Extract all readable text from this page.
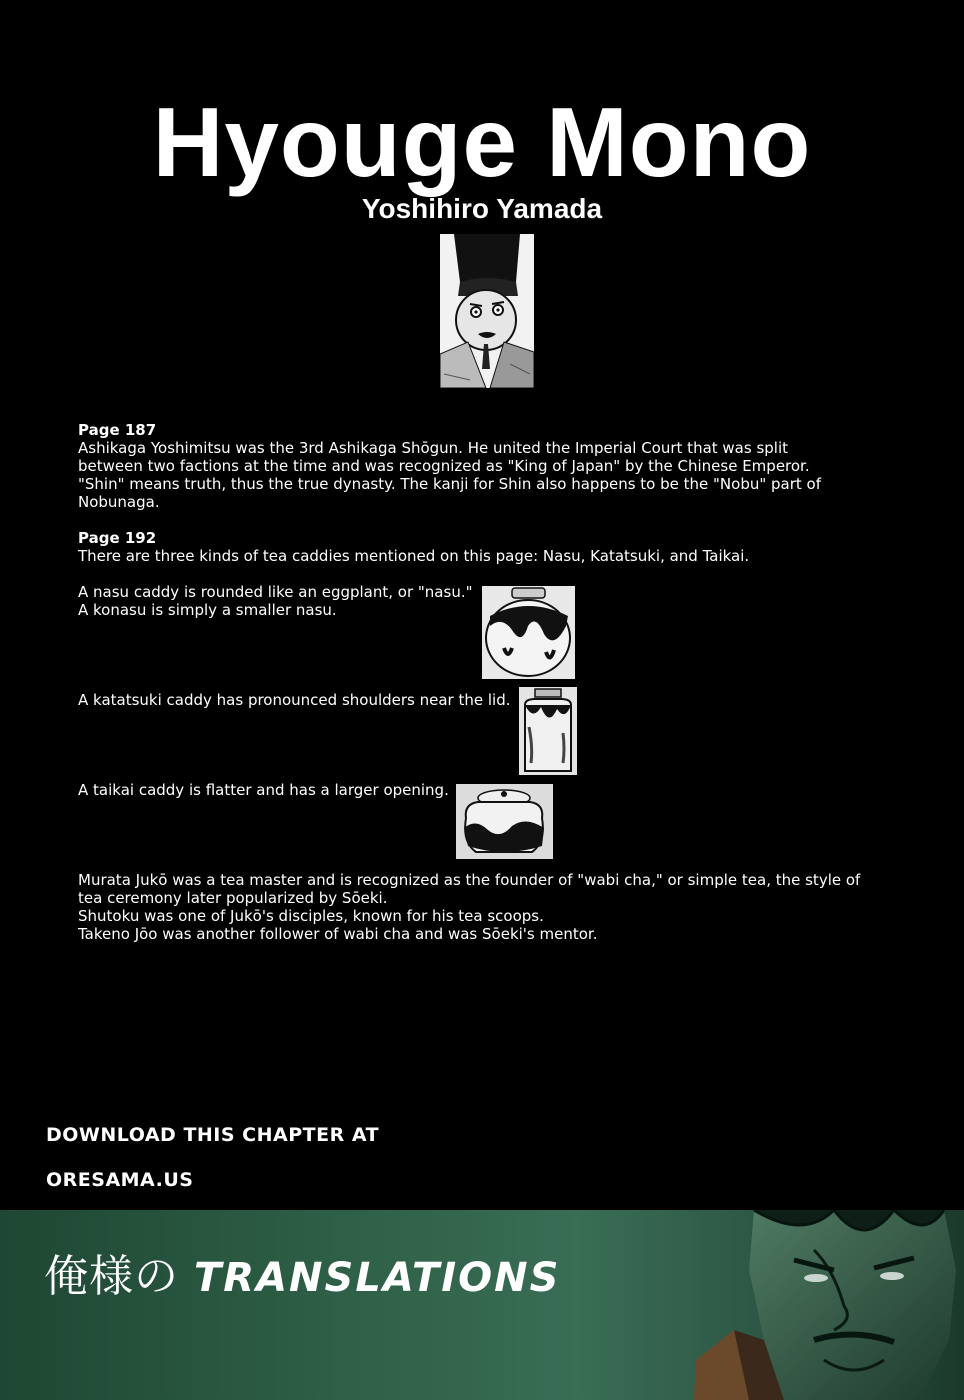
Hyouge Mono
Yoshihiro Yamada

Page 187

Ashikaga Yoshimitsu was the 3rd Ashikaga Shōgun. He united the Imperial Court that was split

between two factions at the time and was recognized as "King of Japan" by the Chinese Emperor.

"Shin" means truth, thus the true dynasty. The kanji for Shin also happens to be the "Nobu" part of

Nobunaga.

Page 192

There are three kinds of tea caddies mentioned on this page: Nasu, Katatsuki, and Taikai.

A nasu caddy is rounded like an eggplant, or "nasu."

A konasu is simply a smaller nasu.

A katatsuki caddy has pronounced shoulders near the lid.

A taikai caddy is flatter and has a larger opening.

Murata Jukō was a tea master and is recognized as the founder of "wabi cha," or simple tea, the style of

tea ceremony later popularized by Sōeki.

Shutoku was one of Jukō's disciples, known for his tea scoops.

Takeno Jōo was another follower of wabi cha and was Sōeki's mentor.

DOWNLOAD THIS CHAPTER AT
ORESAMA.US
俺様の TRANSLATIONS
